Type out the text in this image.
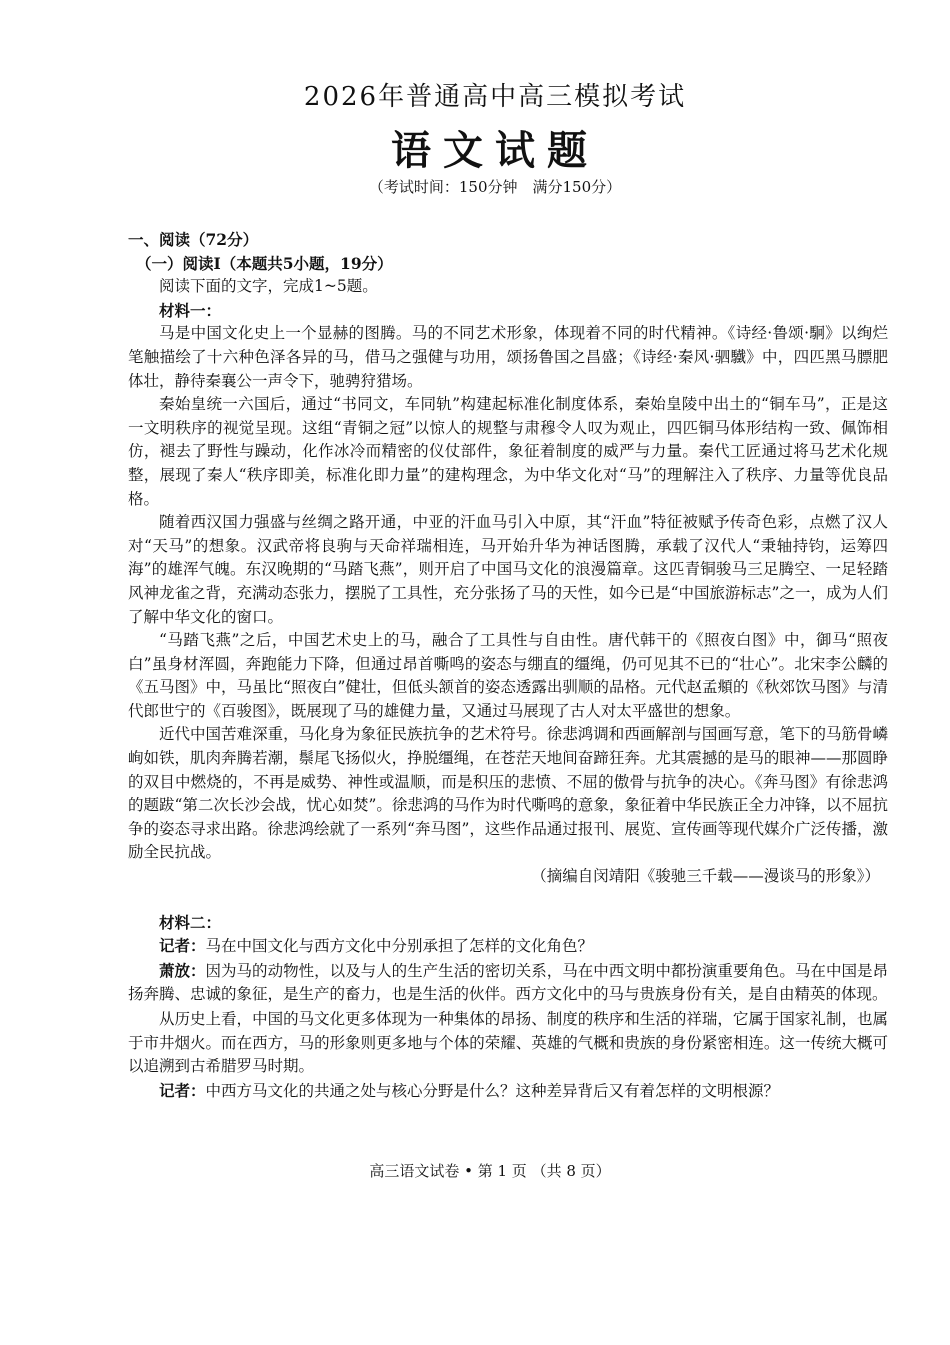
2026年普通高中高三模拟考试
语文试题
（考试时间：150分钟　满分150分）

一、阅读（72分）

（一）阅读Ⅰ（本题共5小题，19分）

阅读下面的文字，完成1~5题。

材料一：

马是中国文化史上一个显赫的图腾。马的不同艺术形象，体现着不同的时代精神。《诗经·鲁颂·駉》以绚烂笔触描绘了十六种色泽各异的马，借马之强健与功用，颂扬鲁国之昌盛；《诗经·秦风·驷驖》中，四匹黑马膘肥体壮，静待秦襄公一声令下，驰骋狩猎场。

秦始皇统一六国后，通过“书同文，车同轨”构建起标准化制度体系，秦始皇陵中出土的“铜车马”，正是这一文明秩序的视觉呈现。这组“青铜之冠”以惊人的规整与肃穆令人叹为观止，四匹铜马体形结构一致、佩饰相仿，褪去了野性与躁动，化作冰冷而精密的仪仗部件，象征着制度的威严与力量。秦代工匠通过将马艺术化规整，展现了秦人“秩序即美，标准化即力量”的建构理念，为中华文化对“马”的理解注入了秩序、力量等优良品格。

随着西汉国力强盛与丝绸之路开通，中亚的汗血马引入中原，其“汗血”特征被赋予传奇色彩，点燃了汉人对“天马”的想象。汉武帝将良驹与天命祥瑞相连，马开始升华为神话图腾，承载了汉代人“秉轴持钧，运筹四海”的雄浑气魄。东汉晚期的“马踏飞燕”，则开启了中国马文化的浪漫篇章。这匹青铜骏马三足腾空、一足轻踏风神龙雀之背，充满动态张力，摆脱了工具性，充分张扬了马的天性，如今已是“中国旅游标志”之一，成为人们了解中华文化的窗口。

“马踏飞燕”之后，中国艺术史上的马，融合了工具性与自由性。唐代韩干的《照夜白图》中，御马“照夜白”虽身材浑圆，奔跑能力下降，但通过昂首嘶鸣的姿态与绷直的缰绳，仍可见其不已的“壮心”。北宋李公麟的《五马图》中，马虽比“照夜白”健壮，但低头颔首的姿态透露出驯顺的品格。元代赵孟頫的《秋郊饮马图》与清代郎世宁的《百骏图》，既展现了马的雄健力量，又通过马展现了古人对太平盛世的想象。

近代中国苦难深重，马化身为象征民族抗争的艺术符号。徐悲鸿调和西画解剖与国画写意，笔下的马筋骨嶙峋如铁，肌肉奔腾若潮，鬃尾飞扬似火，挣脱缰绳，在苍茫天地间奋蹄狂奔。尤其震撼的是马的眼神——那圆睁的双目中燃烧的，不再是威势、神性或温顺，而是积压的悲愤、不屈的傲骨与抗争的决心。《奔马图》有徐悲鸿的题跋“第二次长沙会战，忧心如焚”。徐悲鸿的马作为时代嘶鸣的意象，象征着中华民族正全力冲锋，以不屈抗争的姿态寻求出路。徐悲鸿绘就了一系列“奔马图”，这些作品通过报刊、展览、宣传画等现代媒介广泛传播，激励全民抗战。

（摘编自闵靖阳《骏驰三千载——漫谈马的形象》）

材料二：

记者：马在中国文化与西方文化中分别承担了怎样的文化角色？

萧放：因为马的动物性，以及与人的生产生活的密切关系，马在中西文明中都扮演重要角色。马在中国是昂扬奔腾、忠诚的象征，是生产的畜力，也是生活的伙伴。西方文化中的马与贵族身份有关，是自由精英的体现。

从历史上看，中国的马文化更多体现为一种集体的昂扬、制度的秩序和生活的祥瑞，它属于国家礼制，也属于市井烟火。而在西方，马的形象则更多地与个体的荣耀、英雄的气概和贵族的身份紧密相连。这一传统大概可以追溯到古希腊罗马时期。

记者：中西方马文化的共通之处与核心分野是什么？这种差异背后又有着怎样的文明根源？

高三语文试卷 • 第 1 页 （共 8 页）
